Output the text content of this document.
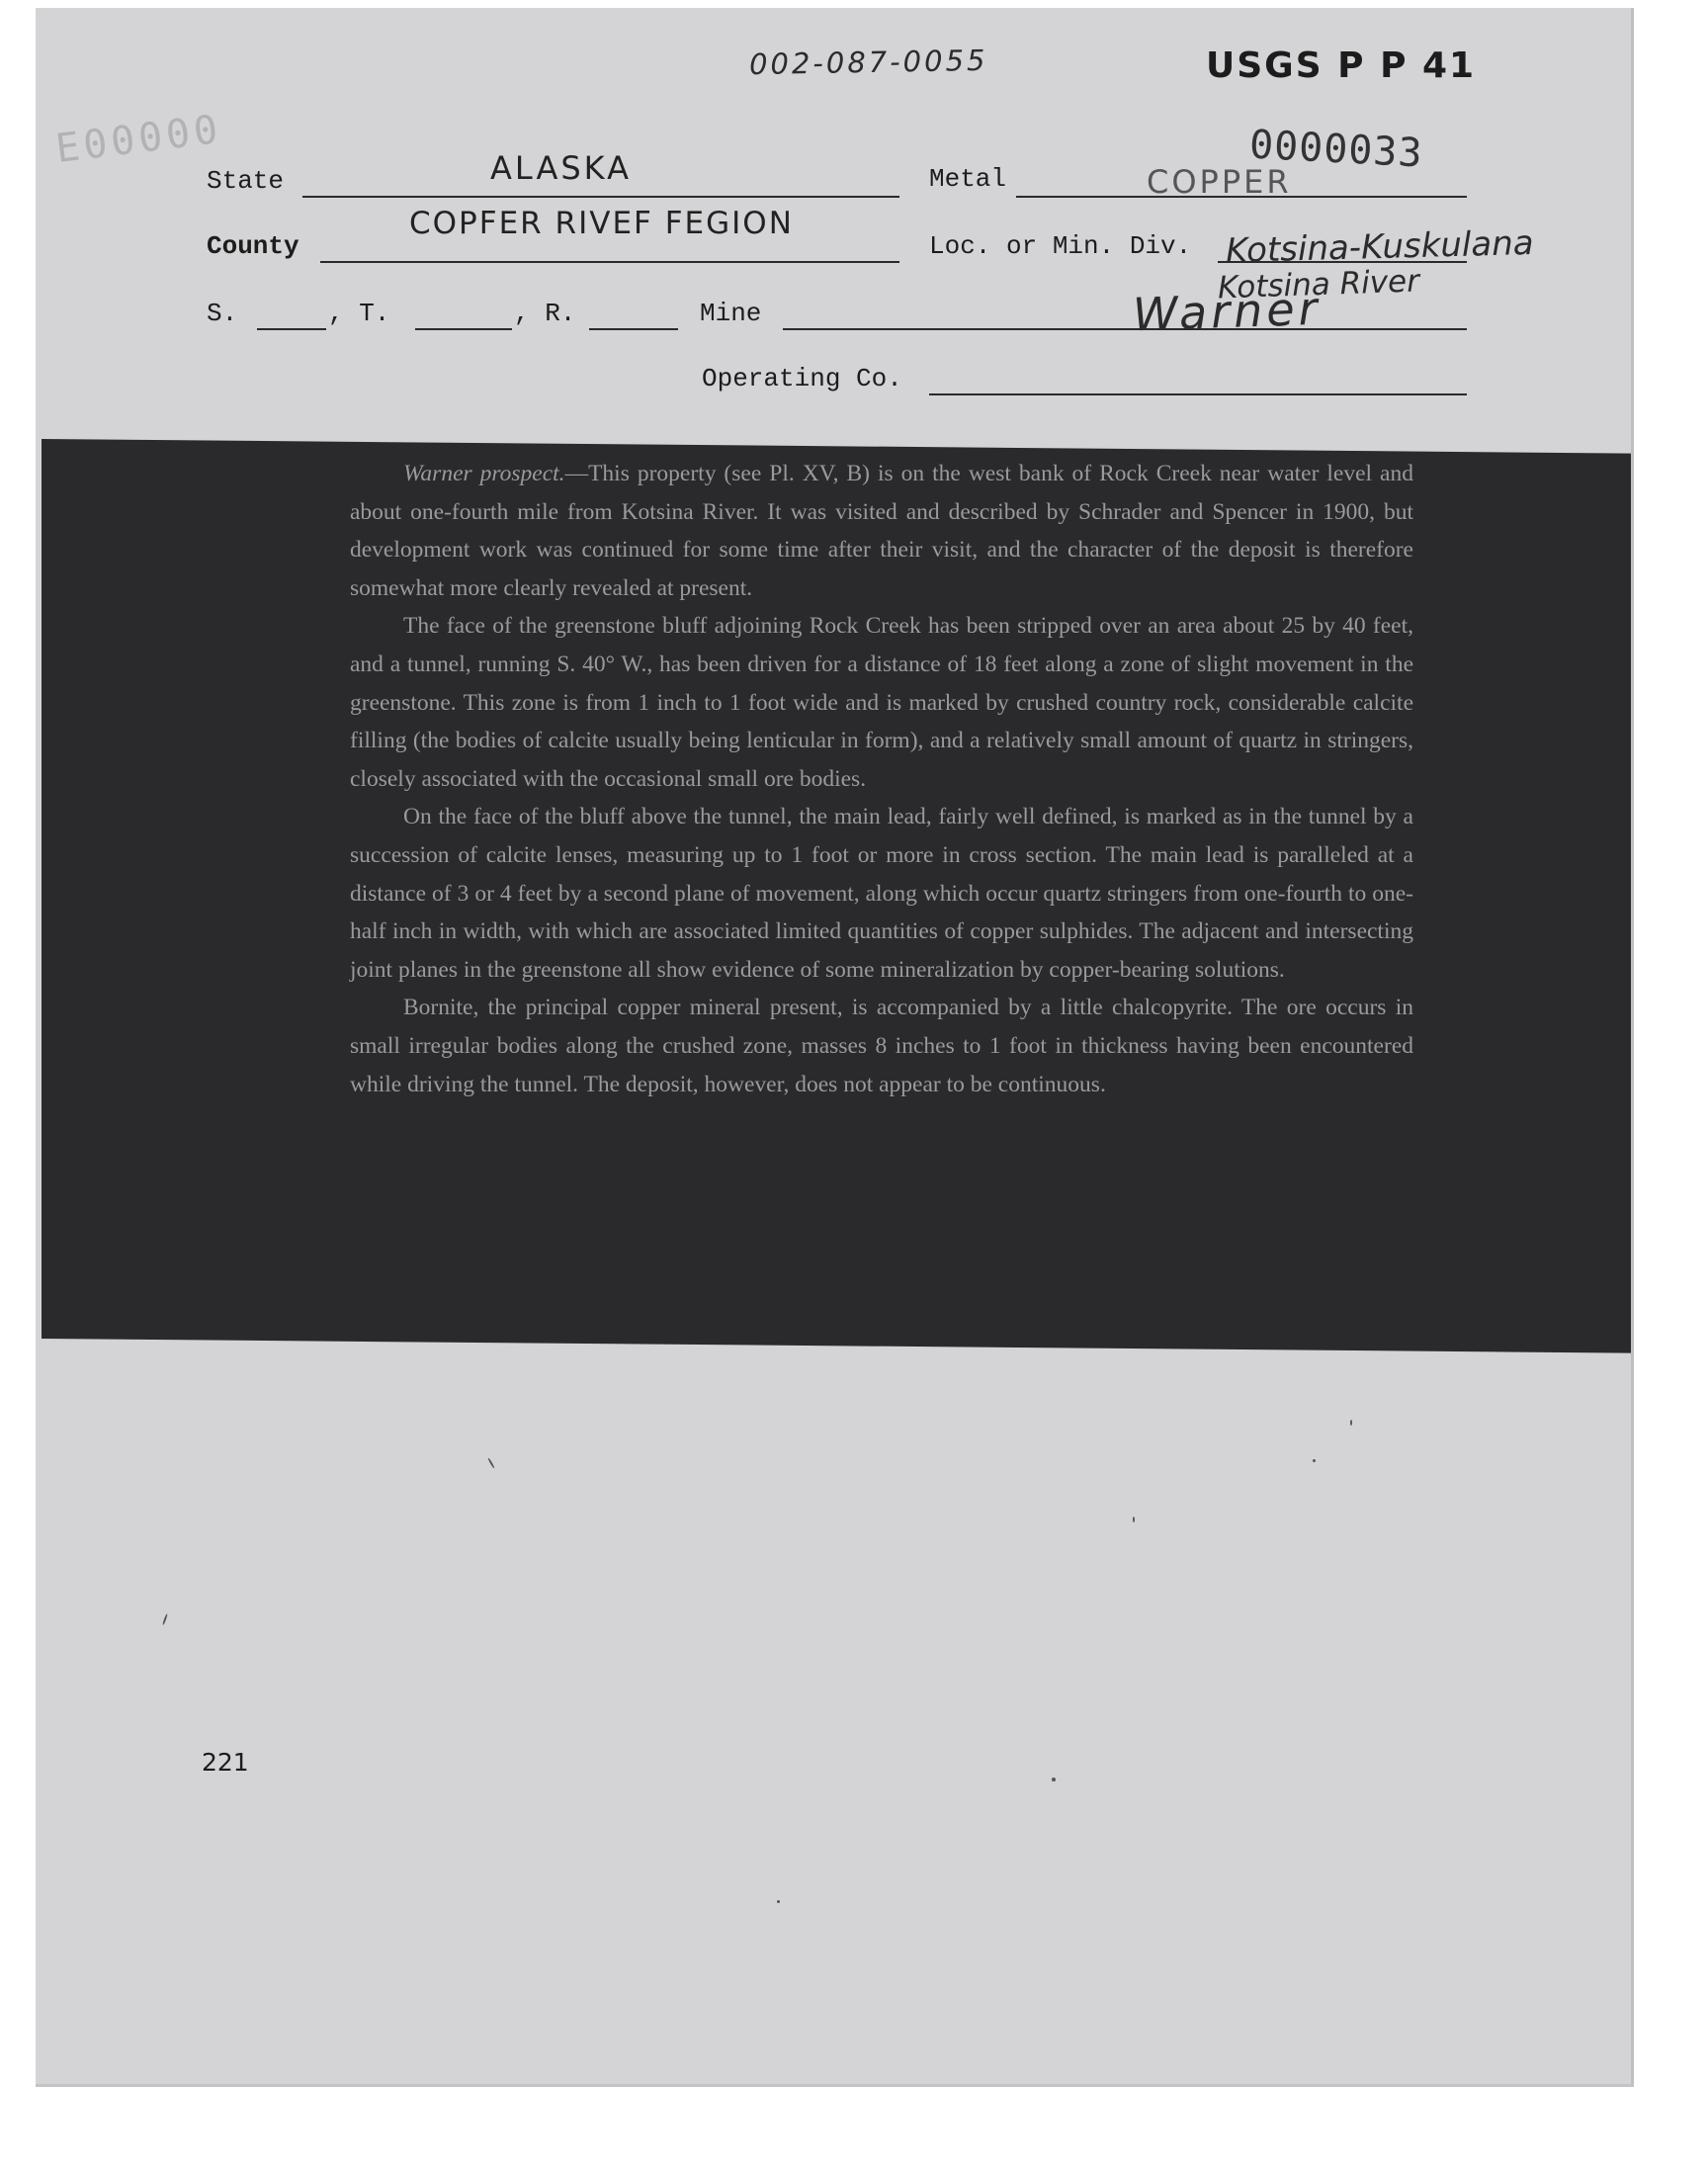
002-087-0055	USGS P P 41
0000033
E00000
State	ALASKA	Metal	COPPER
County
COPFER RIVEF FEGION
Loc. or Min. Div. Kotsina-Kuskulana
Kotsina River
S.	, T.	, R.	Mine	Warner
Operating Co.

Warner prospect.—This property (see Pl. XV, B) is on the west bank of Rock Creek near water level and about one-fourth mile from Kotsina River. It was visited and described by Schrader and Spencer in 1900, but development work was continued for some time after their visit, and the character of the deposit is therefore somewhat more clearly revealed at present.

The face of the greenstone bluff adjoining Rock Creek has been stripped over an area about 25 by 40 feet, and a tunnel, running S. 40° W., has been driven for a distance of 18 feet along a zone of slight movement in the greenstone. This zone is from 1 inch to 1 foot wide and is marked by crushed country rock, considerable calcite filling (the bodies of calcite usually being lenticular in form), and a relatively small amount of quartz in stringers, closely associated with the occasional small ore bodies.

On the face of the bluff above the tunnel, the main lead, fairly well defined, is marked as in the tunnel by a succession of calcite lenses, measuring up to 1 foot or more in cross section. The main lead is paralleled at a distance of 3 or 4 feet by a second plane of movement, along which occur quartz stringers from one-fourth to one-half inch in width, with which are associated limited quantities of copper sulphides. The adjacent and intersecting joint planes in the greenstone all show evidence of some mineralization by copper-bearing solutions.

Bornite, the principal copper mineral present, is accompanied by a little chalcopyrite. The ore occurs in small irregular bodies along the crushed zone, masses 8 inches to 1 foot in thickness having been encountered while driving the tunnel. The deposit, however, does not appear to be continuous.

221
